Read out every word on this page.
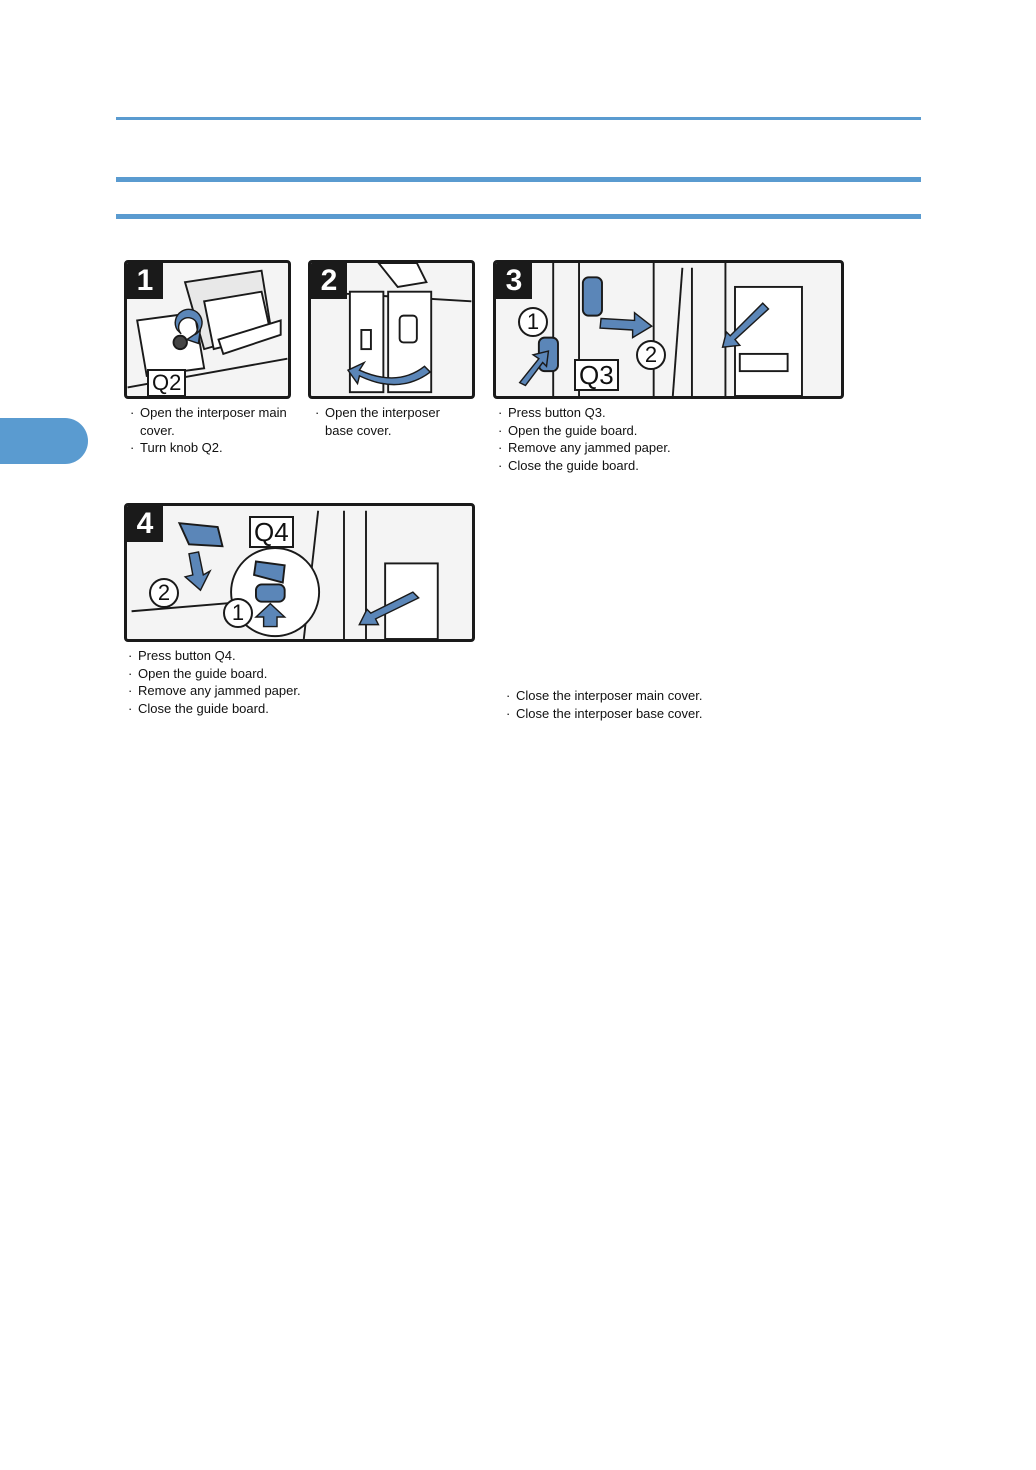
1
Q2
2	3
1
2
Q3
4	Q4
2
1
· Open the interposer main cover.
· Turn knob Q2.
· Open the interposer base cover.
· Press button Q3.
· Open the guide board.
· Remove any jammed paper.
· Close the guide board.
· Press button Q4.
· Open the guide board.
· Remove any jammed paper.
· Close the guide board.
· Close the interposer main cover.
· Close the interposer base cover.
